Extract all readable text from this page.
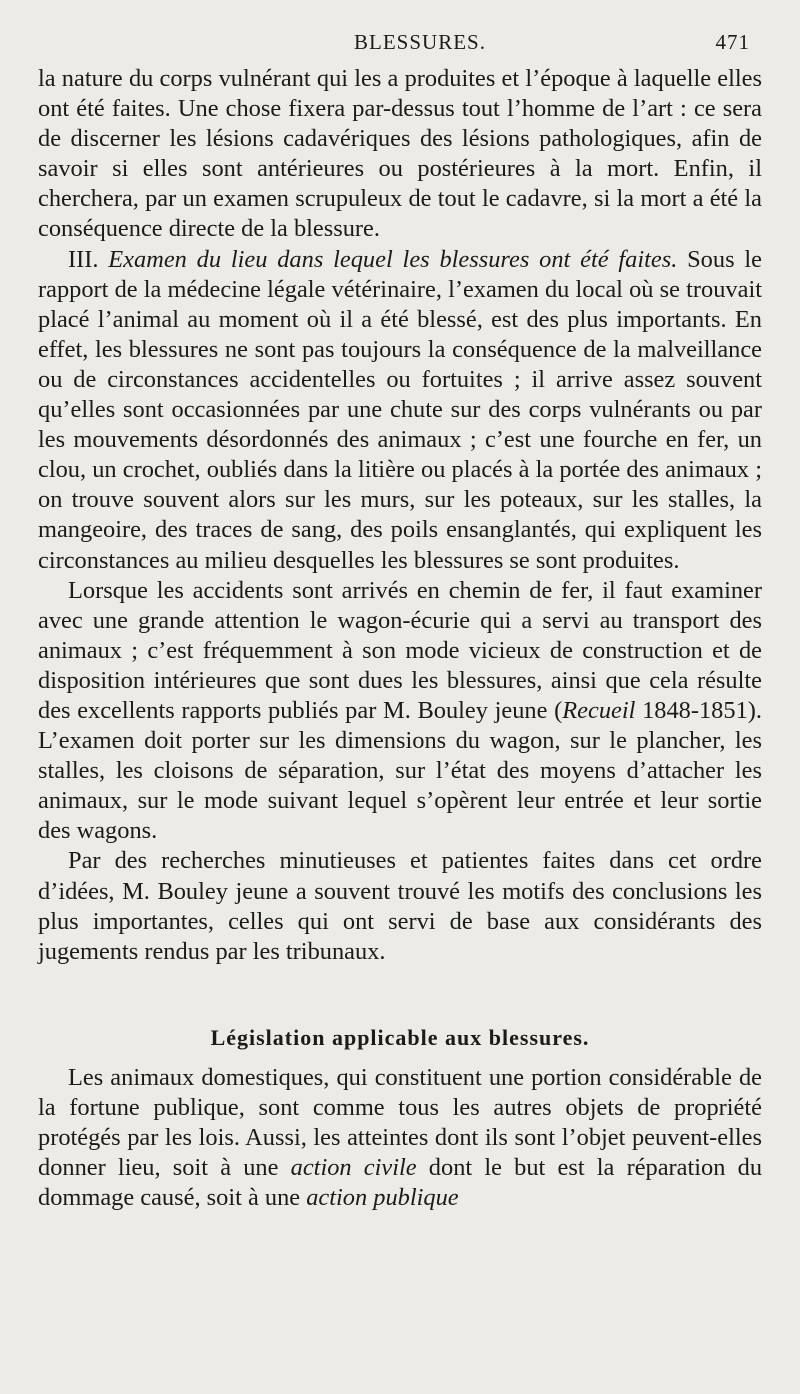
BLESSURES.	471

la nature du corps vulnérant qui les a produites et l’époque à laquelle elles ont été faites. Une chose fixera par-dessus tout l’homme de l’art : ce sera de discerner les lésions cadavériques des lésions pathologiques, afin de savoir si elles sont antérieures ou postérieures à la mort. Enfin, il cherchera, par un examen scrupuleux de tout le cadavre, si la mort a été la conséquence directe de la blessure.

III. Examen du lieu dans lequel les blessures ont été faites. Sous le rapport de la médecine légale vétérinaire, l’examen du local où se trouvait placé l’animal au moment où il a été blessé, est des plus importants. En effet, les blessures ne sont pas toujours la conséquence de la malveillance ou de circonstances accidentelles ou fortuites ; il arrive assez souvent qu’elles sont occasionnées par une chute sur des corps vulnérants ou par les mouvements désordonnés des animaux ; c’est une fourche en fer, un clou, un crochet, oubliés dans la litière ou placés à la portée des animaux ; on trouve souvent alors sur les murs, sur les poteaux, sur les stalles, la mangeoire, des traces de sang, des poils ensanglantés, qui expliquent les circonstances au milieu desquelles les blessures se sont produites.

Lorsque les accidents sont arrivés en chemin de fer, il faut examiner avec une grande attention le wagon-écurie qui a servi au transport des animaux ; c’est fréquemment à son mode vicieux de construction et de disposition intérieures que sont dues les blessures, ainsi que cela résulte des excellents rapports publiés par M. Bouley jeune (Recueil 1848-1851). L’examen doit porter sur les dimensions du wagon, sur le plancher, les stalles, les cloisons de séparation, sur l’état des moyens d’attacher les animaux, sur le mode suivant lequel s’opèrent leur entrée et leur sortie des wagons.

Par des recherches minutieuses et patientes faites dans cet ordre d’idées, M. Bouley jeune a souvent trouvé les motifs des conclusions les plus importantes, celles qui ont servi de base aux considérants des jugements rendus par les tribunaux.

Législation applicable aux blessures.

Les animaux domestiques, qui constituent une portion considérable de la fortune publique, sont comme tous les autres objets de propriété protégés par les lois. Aussi, les atteintes dont ils sont l’objet peuvent-elles donner lieu, soit à une action civile dont le but est la réparation du dommage causé, soit à une action publique
